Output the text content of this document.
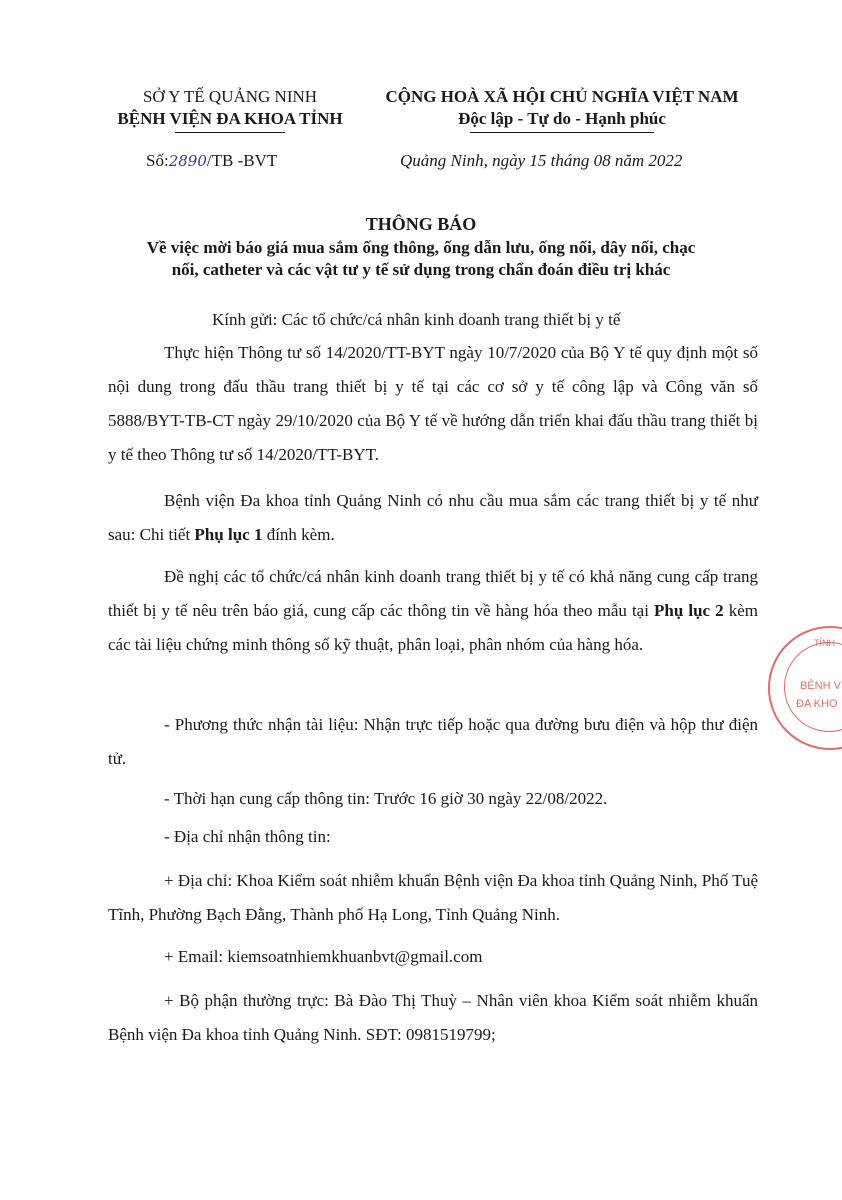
SỞ Y TẾ QUẢNG NINH
BỆNH VIỆN ĐA KHOA TỈNH
Số:2890/TB -BVT
CỘNG HOÀ XÃ HỘI CHỦ NGHĨA VIỆT NAM
Độc lập - Tự do - Hạnh phúc
Quảng Ninh, ngày 15 tháng 08 năm 2022
THÔNG BÁO
Về việc mời báo giá mua sắm ống thông, ống dẫn lưu, ống nối, dây nối, chạc
nối, catheter và các vật tư y tế sử dụng trong chẩn đoán điều trị khác
Kính gửi: Các tổ chức/cá nhân kinh doanh trang thiết bị y tế
Thực hiện Thông tư số 14/2020/TT-BYT ngày 10/7/2020 của Bộ Y tế quy định một số nội dung trong đấu thầu trang thiết bị y tế tại các cơ sở y tế công lập và Công văn số 5888/BYT-TB-CT ngày 29/10/2020 của Bộ Y tế về hướng dẫn triển khai đấu thầu trang thiết bị y tế theo Thông tư số 14/2020/TT-BYT.
Bệnh viện Đa khoa tỉnh Quảng Ninh có nhu cầu mua sắm các trang thiết bị y tế như sau: Chi tiết Phụ lục 1 đính kèm.
Đề nghị các tổ chức/cá nhân kinh doanh trang thiết bị y tế có khả năng cung cấp trang thiết bị y tế nêu trên báo giá, cung cấp các thông tin về hàng hóa theo mẫu tại Phụ lục 2 kèm các tài liệu chứng minh thông số kỹ thuật, phân loại, phân nhóm của hàng hóa.
- Phương thức nhận tài liệu: Nhận trực tiếp hoặc qua đường bưu điện và hộp thư điện tử.
- Thời hạn cung cấp thông tin: Trước 16 giờ 30 ngày 22/08/2022.
- Địa chỉ nhận thông tin:
+ Địa chỉ: Khoa Kiểm soát nhiễm khuẩn Bệnh viện Đa khoa tỉnh Quảng Ninh, Phố Tuệ Tĩnh, Phường Bạch Đằng, Thành phố Hạ Long, Tỉnh Quảng Ninh.
+ Email: kiemsoatnhiemkhuanbvt@gmail.com
+ Bộ phận thường trực: Bà Đào Thị Thuỳ – Nhân viên khoa Kiểm soát nhiễm khuẩn Bệnh viện Đa khoa tỉnh Quảng Ninh. SĐT: 0981519799;
TỈNH
BỆNH V
ĐA KHO
